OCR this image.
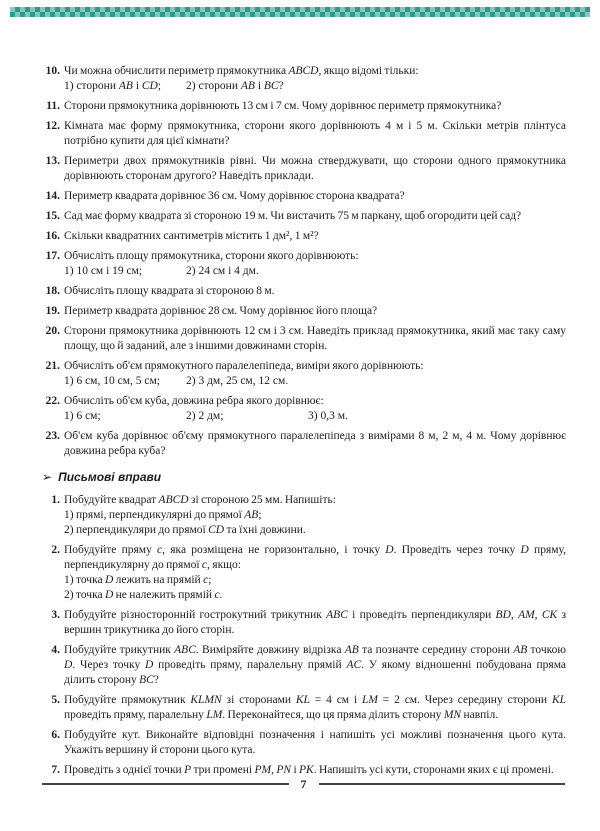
10. Чи можна обчислити периметр прямокутника ABCD, якщо відомі тільки:

1) сторони AB і CD;	2) сторони AB і BC?
11. Сторони прямокутника дорівнюють 13 см і 7 см. Чому дорівнює периметр прямокутника?

12. Кімната має форму прямокутника, сторони якого дорівнюють 4 м і 5 м. Скільки метрів плінтуса потрібно купити для цієї кімнати?

13. Периметри двох прямокутників рівні. Чи можна стверджувати, що сторони одного прямокутника дорівнюють сторонам другого? Наведіть приклади.

14. Периметр квадрата дорівнює 36 см. Чому дорівнює сторона квадрата?

15. Сад має форму квадрата зі стороною 19 м. Чи вистачить 75 м паркану, щоб огородити цей сад?

16. Скільки квадратних сантиметрів містить 1 дм², 1 м²?

17. Обчисліть площу прямокутника, сторони якого дорівнюють:

1) 10 см і 19 см;	2) 24 см і 4 дм.
18. Обчисліть площу квадрата зі стороною 8 м.

19. Периметр квадрата дорівнює 28 см. Чому дорівнює його площа?

20. Сторони прямокутника дорівнюють 12 см і 3 см. Наведіть приклад прямокутника, який має таку саму площу, що й заданий, але з іншими довжинами сторін.

21. Обчисліть об'єм прямокутного паралелепіпеда, виміри якого дорівнюють:

1) 6 см, 10 см, 5 см;	2) 3 дм, 25 см, 12 см.
22. Обчисліть об'єм куба, довжина ребра якого дорівнює:

1) 6 см;	2) 2 дм;	3) 0,3 м.
23. Об'єм куба дорівнює об'єму прямокутного паралелепіпеда з вимірами 8 м, 2 м, 4 м. Чому дорівнює довжина ребра куба?

➢ Письмові вправи
1. Побудуйте квадрат ABCD зі стороною 25 мм. Напишіть:

1) прямі, перпендикулярні до прямої AB;

2) перпендикуляри до прямої CD та їхні довжини.

2. Побудуйте пряму c, яка розміщена не горизонтально, і точку D. Проведіть через точку D пряму, перпендикулярну до прямої c, якщо:

1) точка D лежить на прямій c;

2) точка D не належить прямій c.

3. Побудуйте різносторонній гострокутний трикутник ABC і проведіть перпендикуляри BD, AM, CK з вершин трикутника до його сторін.

4. Побудуйте трикутник ABC. Виміряйте довжину відрізка AB та позначте середину сторони AB точкою D. Через точку D проведіть пряму, паралельну прямій AC. У якому відношенні побудована пряма ділить сторону BC?

5. Побудуйте прямокутник KLMN зі сторонами KL = 4 см і LM = 2 см. Через середину сторони KL проведіть пряму, паралельну LM. Переконайтеся, що ця пряма ділить сторону MN навпіл.

6. Побудуйте кут. Виконайте відповідні позначення і напишіть усі можливі позначення цього кута. Укажіть вершину й сторони цього кута.

7. Проведіть з однієї точки P три промені PM, PN і PK. Напишіть усі кути, сторонами яких є ці промені.

7
